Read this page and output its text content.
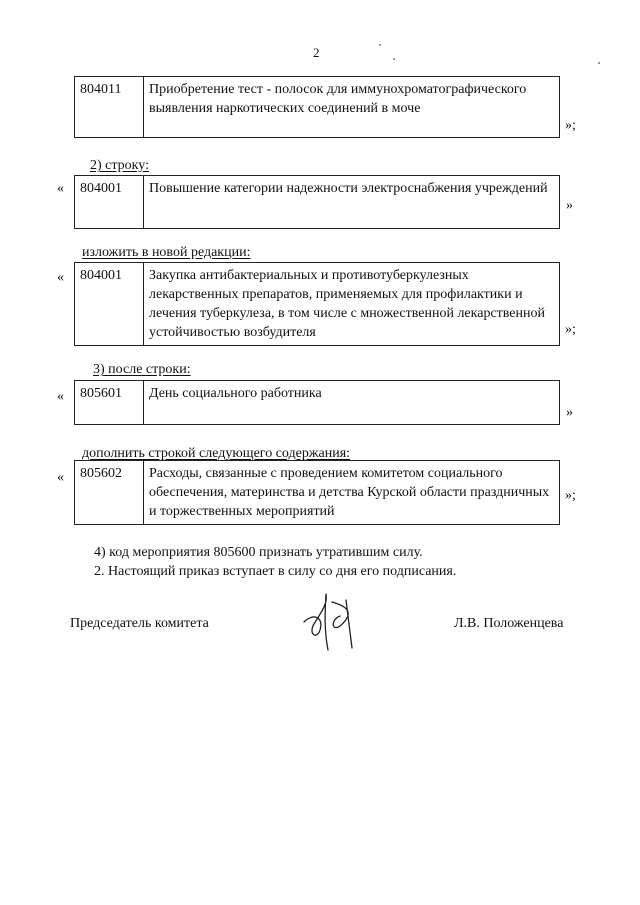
2
804011	Приобретение тест - полосок для иммунохроматографического выявления наркотических соединений в моче
»;
2) строку:
« 804001	Повышение категории надежности электроснабжения учреждений
»
изложить в новой редакции:
« 804001	Закупка антибактериальных и противотуберкулезных лекарственных препаратов, применяемых для профилактики и лечения туберкулеза, в том числе с множественной лекарственной устойчивостью возбудителя	»;
3) после строки:
« 805601	День социального работника
»
дополнить строкой следующего содержания:
« 805602	Расходы, связанные с проведением комитетом социального обеспечения, материнства и детства Курской области праздничных и торжественных мероприятий
»;
4) код мероприятия 805600 признать утратившим силу.
2. Настоящий приказ вступает в силу со дня его подписания.
Председатель комитета	Л.В. Положенцева
